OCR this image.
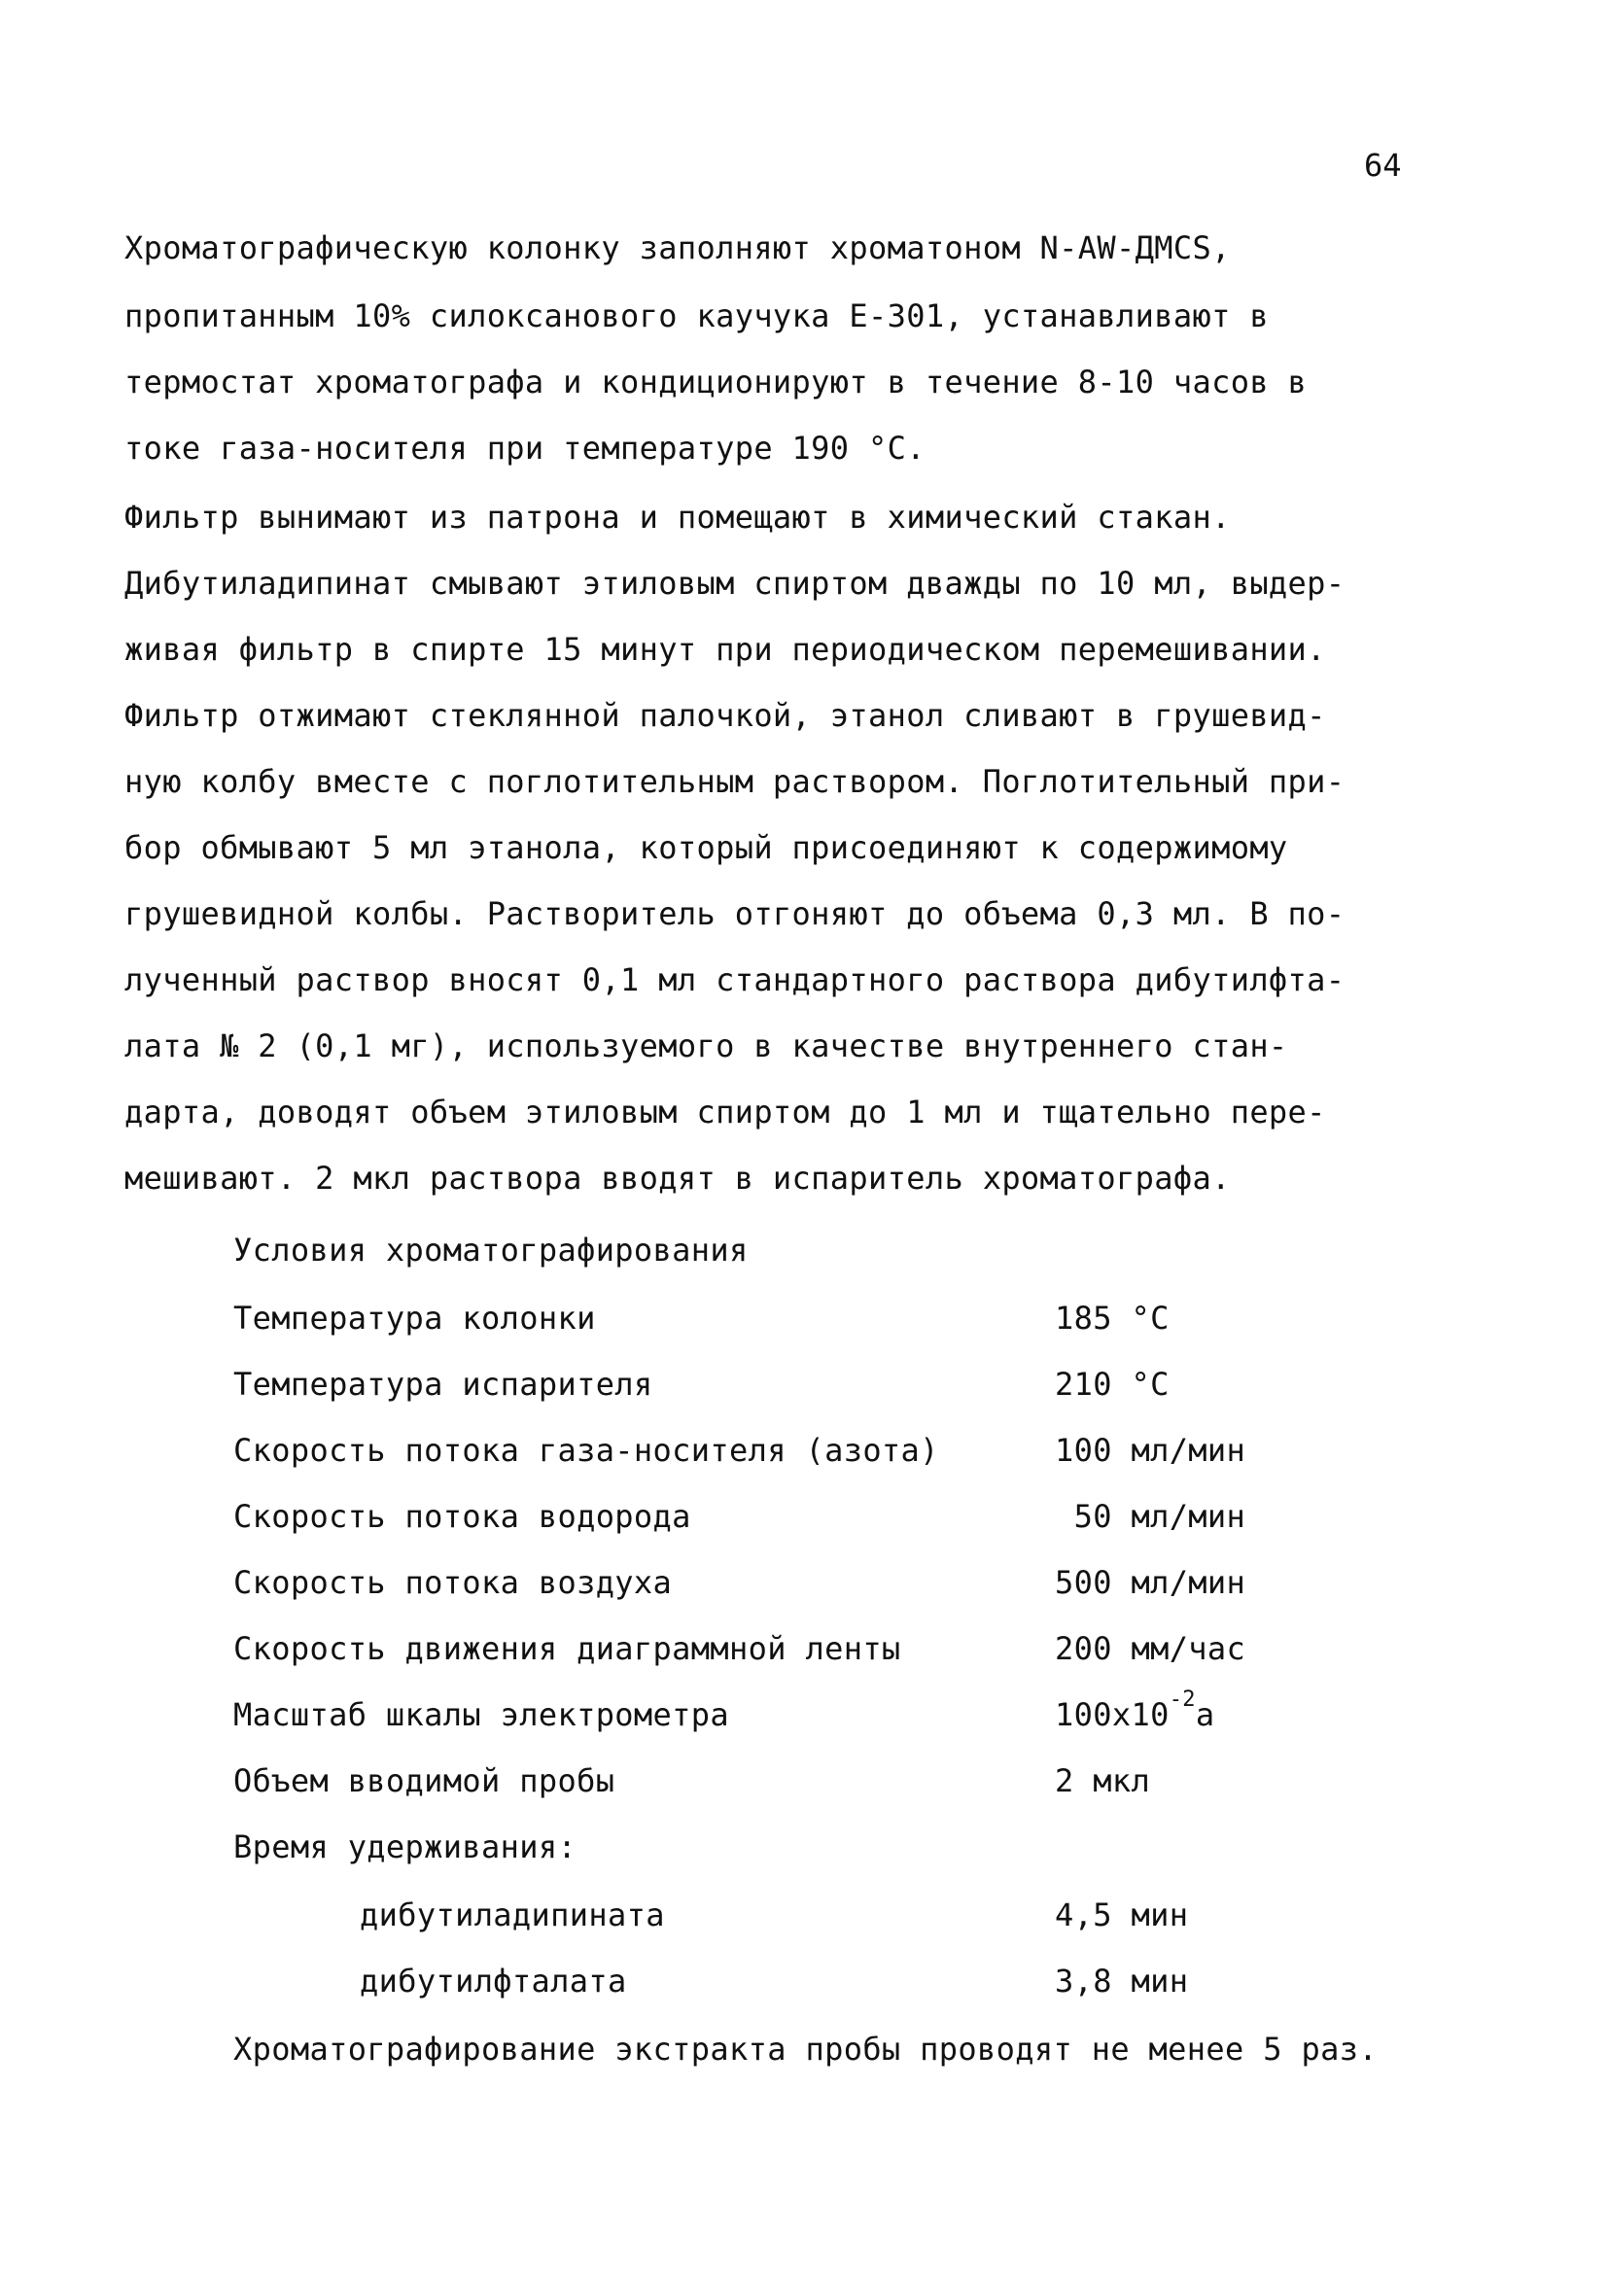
64
Хроматографическую колонку заполняют хроматоном N-AW-ДМСS,
пропитанным 10% силоксанового каучука Е-301, устанавливают в
термостат хроматографа и кондиционируют в течение 8-10 часов в
токе газа-носителя при температуре 190 °С.
Фильтр вынимают из патрона и помещают в химический стакан.
Дибутиладипинат смывают этиловым спиртом дважды по 10 мл, выдер-
живая фильтр в спирте 15 минут при периодическом перемешивании.
Фильтр отжимают стеклянной палочкой, этанол сливают в грушевид-
ную колбу вместе с поглотительным раствором. Поглотительный при-
бор обмывают 5 мл этанола, который присоединяют к содержимому
грушевидной колбы. Растворитель отгоняют до объема 0,3 мл. В по-
лученный раствор вносят 0,1 мл стандартного раствора дибутилфта-
лата № 2 (0,1 мг), используемого в качестве внутреннего стан-
дарта, доводят объем этиловым спиртом до 1 мл и тщательно пере-
мешивают. 2 мкл раствора вводят в испаритель хроматографа.
Условия хроматографирования
Температура колонки	185 °С
Температура испарителя	210 °С
Скорость потока газа-носителя (азота)	100 мл/мин
Скорость потока водорода	50 мл/мин
Скорость потока воздуха	500 мл/мин
Скорость движения диаграммной ленты	200 мм/час
Масштаб шкалы электрометра	$100x10^{-2}a$
Объем вводимой пробы	2 мкл
Время удерживания:
дибутиладипината	4,5 мин
дибутилфталата	3,8 мин
Хроматографирование экстракта пробы проводят не менее 5 раз.
